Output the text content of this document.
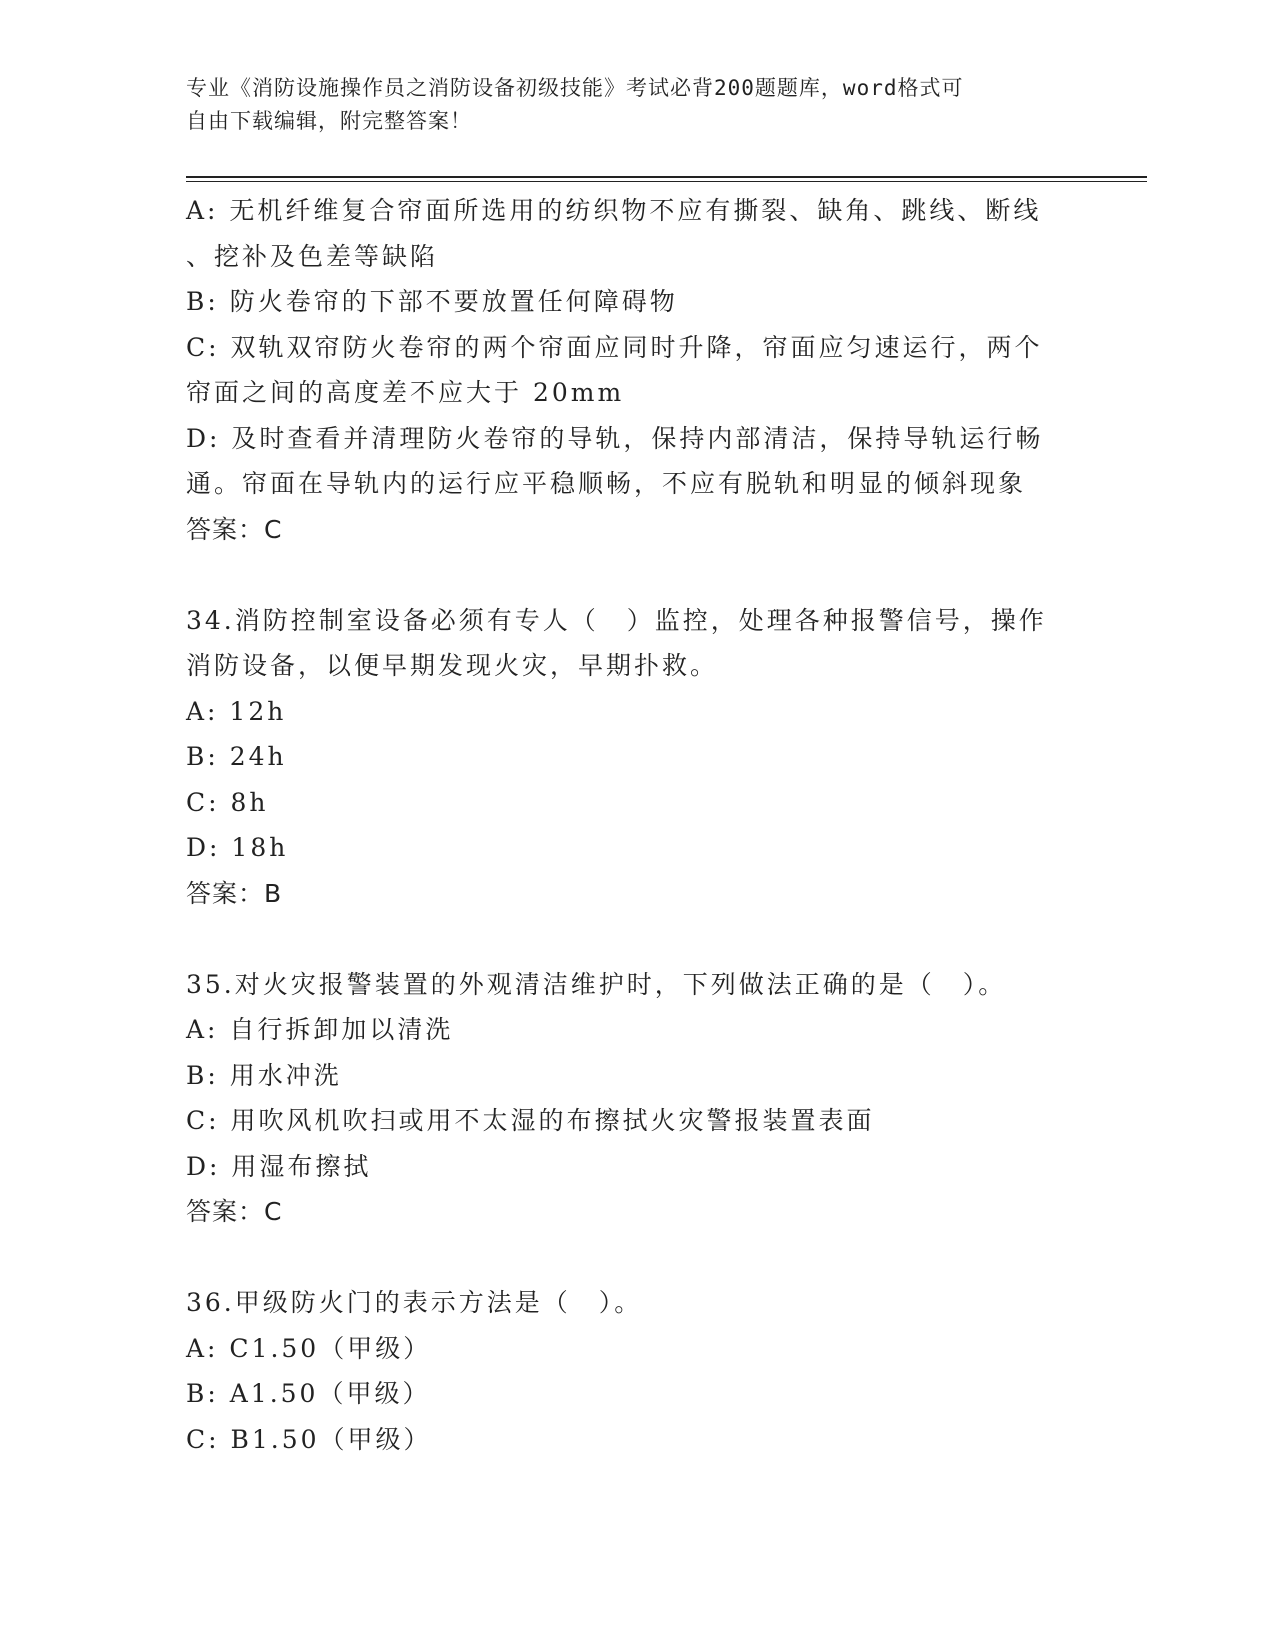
专业《消防设施操作员之消防设备初级技能》考试必背200题题库，word格式可
自由下载编辑，附完整答案！
A: 无机纤维复合帘面所选用的纺织物不应有撕裂、缺角、跳线、断线
、挖补及色差等缺陷
B: 防火卷帘的下部不要放置任何障碍物
C: 双轨双帘防火卷帘的两个帘面应同时升降，帘面应匀速运行，两个
帘面之间的高度差不应大于 20mm
D: 及时查看并清理防火卷帘的导轨，保持内部清洁，保持导轨运行畅
通。帘面在导轨内的运行应平稳顺畅，不应有脱轨和明显的倾斜现象
答案：C
34.消防控制室设备必须有专人（　）监控，处理各种报警信号，操作
消防设备，以便早期发现火灾，早期扑救。
A: 12h
B: 24h
C: 8h
D: 18h
答案：B
35.对火灾报警装置的外观清洁维护时，下列做法正确的是（　）。
A: 自行拆卸加以清洗
B: 用水冲洗
C: 用吹风机吹扫或用不太湿的布擦拭火灾警报装置表面
D: 用湿布擦拭
答案：C
36.甲级防火门的表示方法是（　）。
A: C1.50（甲级）
B: A1.50（甲级）
C: B1.50（甲级）
